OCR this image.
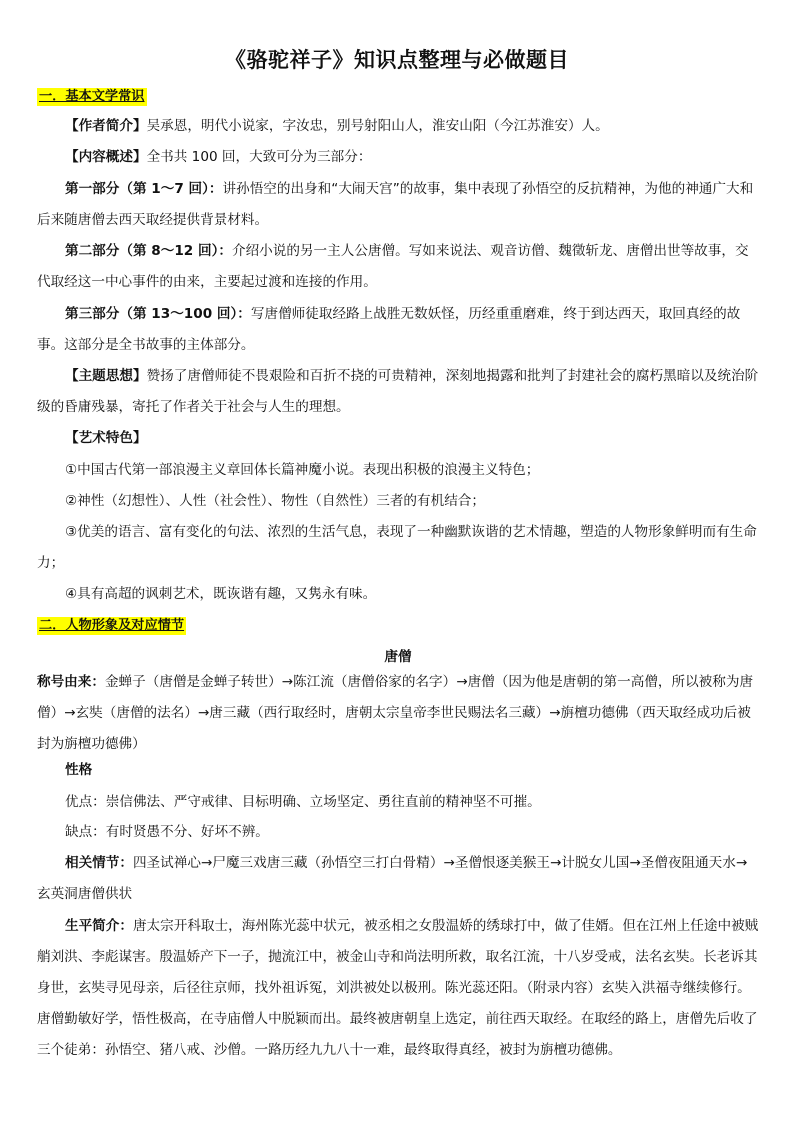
《骆驼祥子》知识点整理与必做题目
一．基本文学常识

【作者简介】吴承恩，明代小说家，字汝忠，别号射阳山人，淮安山阳（今江苏淮安）人。

【内容概述】全书共 100 回，大致可分为三部分：

第一部分（第 1～7 回）：讲孙悟空的出身和“大闹天宫”的故事，集中表现了孙悟空的反抗精神，为他的神通广大和后来随唐僧去西天取经提供背景材料。

第二部分（第 8～12 回）：介绍小说的另一主人公唐僧。写如来说法、观音访僧、魏徵斩龙、唐僧出世等故事，交代取经这一中心事件的由来，主要起过渡和连接的作用。

第三部分（第 13～100 回）：写唐僧师徒取经路上战胜无数妖怪，历经重重磨难，终于到达西天，取回真经的故事。这部分是全书故事的主体部分。

【主题思想】赞扬了唐僧师徒不畏艰险和百折不挠的可贵精神，深刻地揭露和批判了封建社会的腐朽黑暗以及统治阶级的昏庸残暴，寄托了作者关于社会与人生的理想。

【艺术特色】

①中国古代第一部浪漫主义章回体长篇神魔小说。表现出积极的浪漫主义特色；

②神性（幻想性）、人性（社会性）、物性（自然性）三者的有机结合；

③优美的语言、富有变化的句法、浓烈的生活气息，表现了一种幽默诙谐的艺术情趣，塑造的人物形象鲜明而有生命力；

④具有高超的讽刺艺术，既诙谐有趣，又隽永有味。

二．人物形象及对应情节

唐僧

称号由来：金蝉子（唐僧是金蝉子转世）→陈江流（唐僧俗家的名字）→唐僧（因为他是唐朝的第一高僧，所以被称为唐僧）→玄奘（唐僧的法名）→唐三藏（西行取经时，唐朝太宗皇帝李世民赐法名三藏）→旃檀功德佛（西天取经成功后被封为旃檀功德佛）

性格

优点：崇信佛法、严守戒律、目标明确、立场坚定、勇往直前的精神坚不可摧。

缺点：有时贤愚不分、好坏不辨。

相关情节：四圣试禅心→尸魔三戏唐三藏（孙悟空三打白骨精）→圣僧恨逐美猴王→计脱女儿国→圣僧夜阻通天水→玄英洞唐僧供状

生平简介：唐太宗开科取士，海州陈光蕊中状元，被丞相之女殷温娇的绣球打中，做了佳婿。但在江州上任途中被贼艄刘洪、李彪谋害。殷温娇产下一子，抛流江中，被金山寺和尚法明所救，取名江流，十八岁受戒，法名玄奘。长老诉其身世，玄奘寻见母亲，后径往京师，找外祖诉冤，刘洪被处以极刑。陈光蕊还阳。（附录内容）玄奘入洪福寺继续修行。唐僧勤敏好学，悟性极高，在寺庙僧人中脱颖而出。最终被唐朝皇上选定，前往西天取经。在取经的路上，唐僧先后收了三个徒弟：孙悟空、猪八戒、沙僧。一路历经九九八十一难，最终取得真经，被封为旃檀功德佛。
